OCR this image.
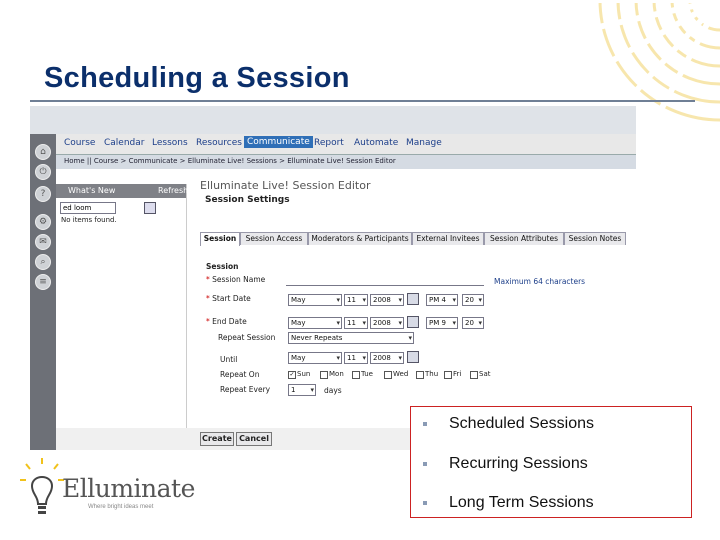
Scheduling a Session
⌂
⏻
?
⚙
✉
⌕
≡
Course Calendar Lessons Resources Communicate Report Automate Manage
Home || Course > Communicate > Elluminate Live! Sessions > Elluminate Live! Session Editor
What's New	Refresh
ed loom
No items found.
Elluminate Live! Session Editor
Session Settings
Session	Session Access	Moderators & Participants	External Invitees	Session Attributes	Session Notes
Session
* Session Name	Maximum 64 characters
* Start Date	May ▾	11 ▾	2008 ▾	PM 4 ▾	20 ▾
* End Date	May ▾	11 ▾	2008 ▾	PM 9 ▾	20 ▾
Repeat Session	Never Repeats ▾
Until	May ▾	11 ▾	2008 ▾
Repeat On	✓ Sun	Mon Tue	Wed Thu Fri	Sat
Repeat Every	1 ▾	days
Create Cancel
Scheduled Sessions
Recurring Sessions
Long Term Sessions
Elluminate
Where bright ideas meet
